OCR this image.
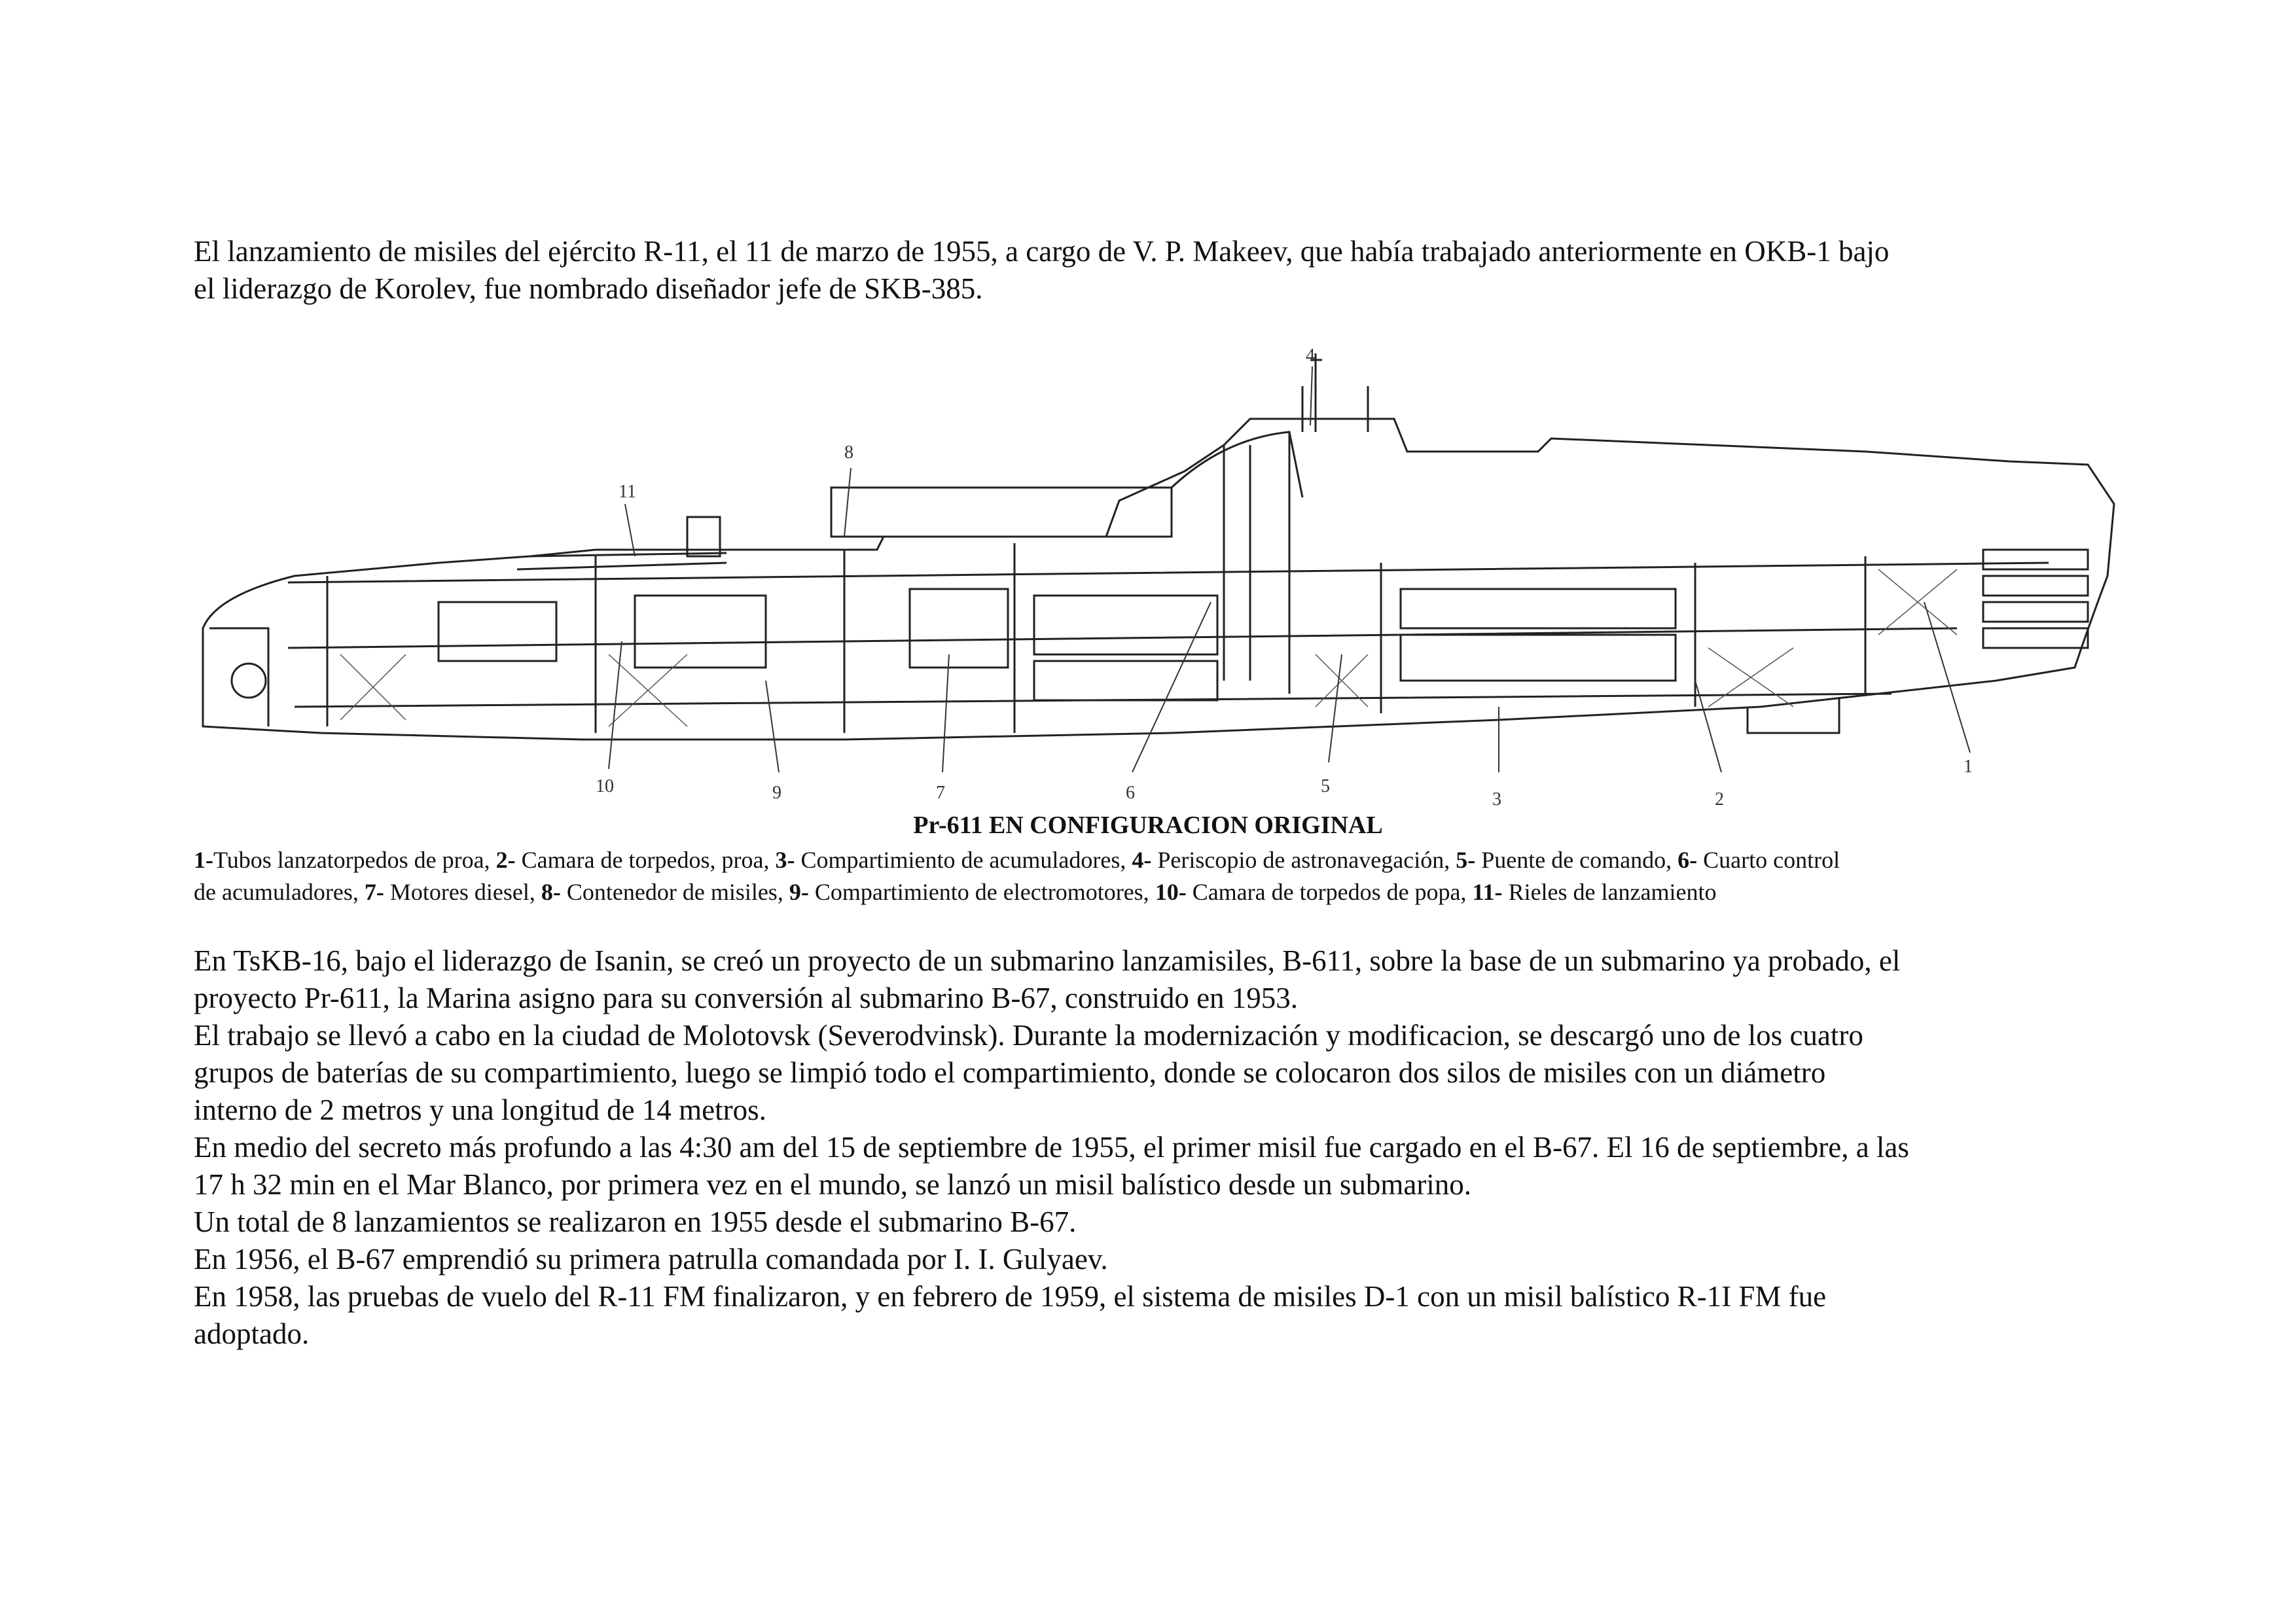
El lanzamiento de misiles del ejército R-11, el 11 de marzo de 1955, a cargo de V. P. Makeev, que había trabajado anteriormente en OKB-1 bajo
el liderazgo de Korolev, fue nombrado diseñador jefe de SKB-385.

1
2
3
4
5
6
7
8
9
10
11
Pr-611 EN CONFIGURACION ORIGINAL
1-Tubos lanzatorpedos de proa, 2- Camara de torpedos, proa, 3- Compartimiento de acumuladores, 4- Periscopio de astronavegación, 5- Puente de comando, 6- Cuarto control
de acumuladores, 7- Motores diesel, 8- Contenedor de misiles, 9- Compartimiento de electromotores, 10- Camara de torpedos de popa, 11- Rieles de lanzamiento

En TsKB-16, bajo el liderazgo de Isanin, se creó un proyecto de un submarino lanzamisiles, B-611, sobre la base de un submarino ya probado, el
proyecto Pr-611, la Marina asigno para su conversión al submarino B-67, construido en 1953.
El trabajo se llevó a cabo en la ciudad de Molotovsk (Severodvinsk). Durante la modernización y modificacion, se descargó uno de los cuatro
grupos de baterías de su compartimiento, luego se limpió todo el compartimiento, donde se colocaron dos silos de misiles con un diámetro
interno de 2 metros y una longitud de 14 metros.
En medio del secreto más profundo a las 4:30 am del 15 de septiembre de 1955, el primer misil fue cargado en el B-67. El 16 de septiembre, a las
17 h 32 min en el Mar Blanco, por primera vez en el mundo, se lanzó un misil balístico desde un submarino.
Un total de 8 lanzamientos se realizaron en 1955 desde el submarino B-67.
En 1956, el B-67 emprendió su primera patrulla comandada por I. I. Gulyaev.
En 1958, las pruebas de vuelo del R-11 FM finalizaron, y en febrero de 1959, el sistema de misiles D-1 con un misil balístico R-1I FM fue
adoptado.
